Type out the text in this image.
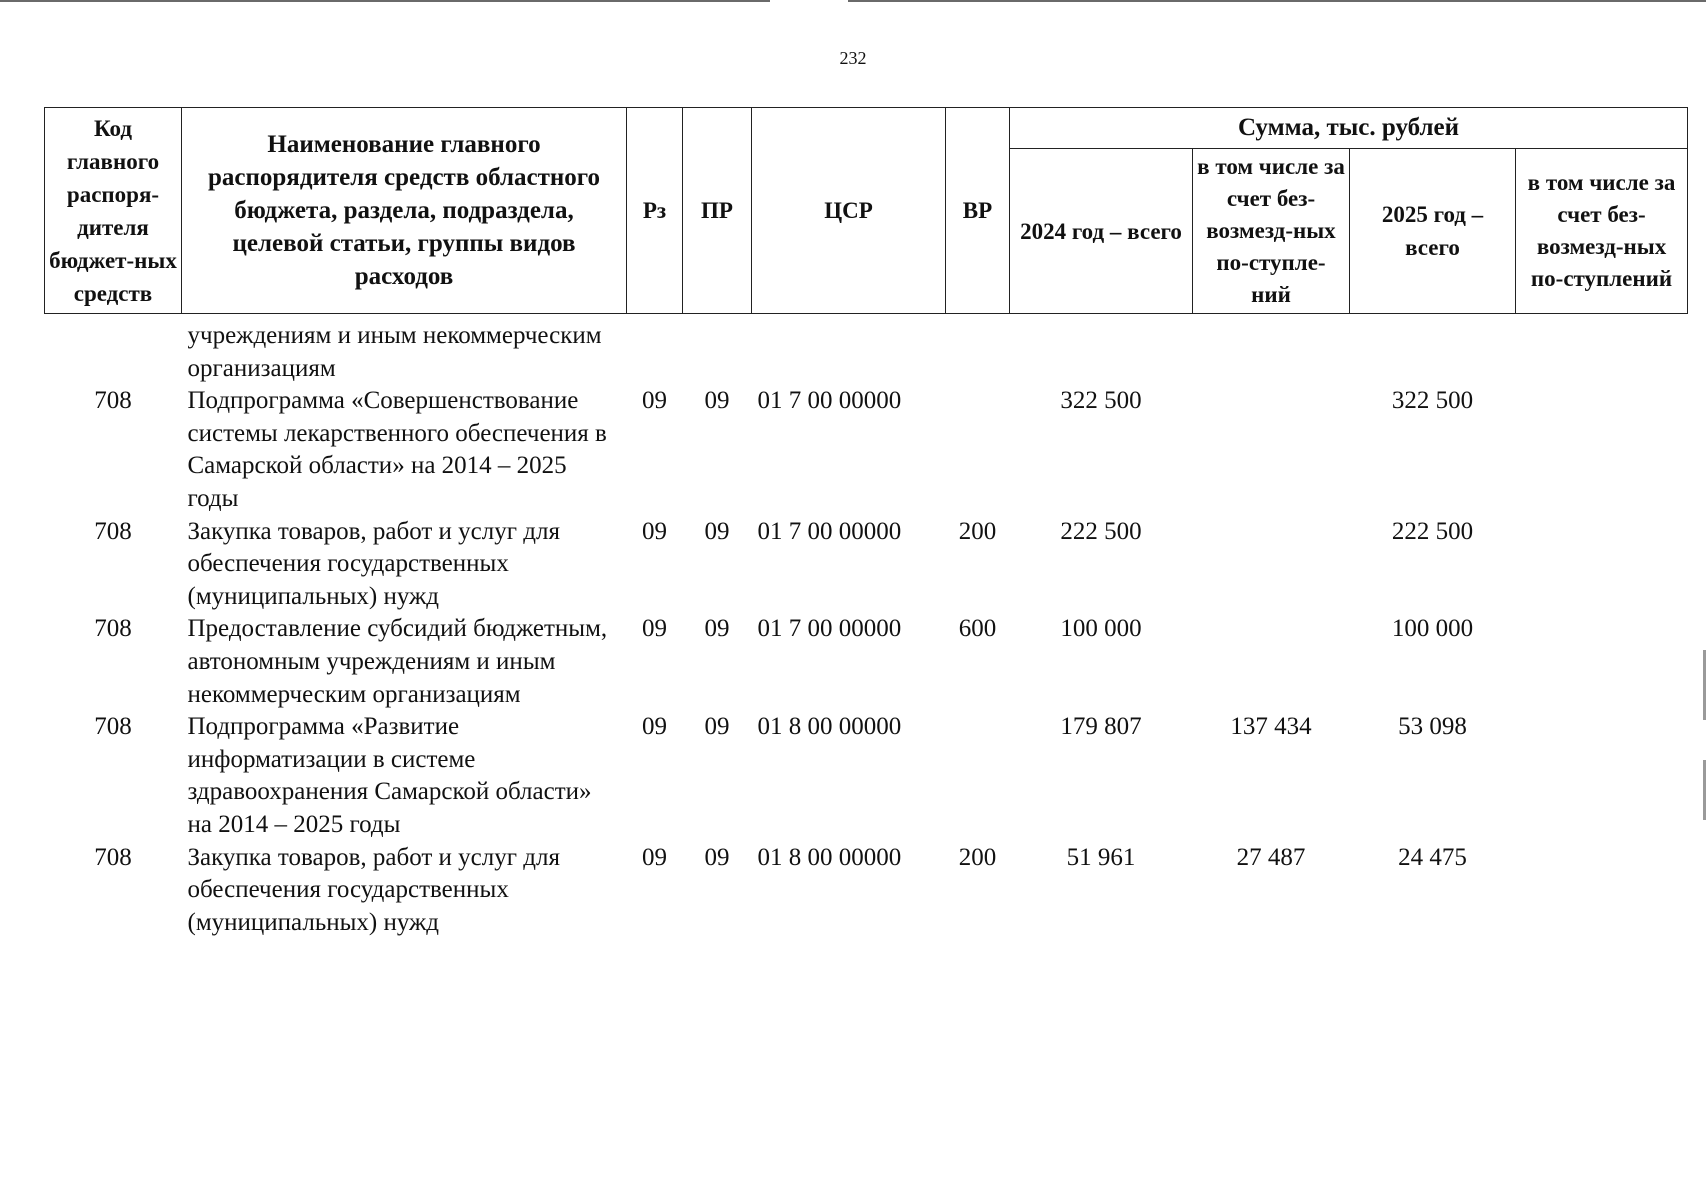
232
Код главного распоря-дителя бюджет-ных средств	Наименование главного распорядителя средств областного бюджета, раздела, подраздела, целевой статьи, группы видов расходов	Рз	ПР	ЦСР	ВР	Сумма, тыс. рублей			
						2024 год – всего	в том числе за счет без-возмезд-ных по-ступле-ний	2025 год – всего	в том числе за счет без-возмезд-ных по-ступлений
	учреждениям и иным некоммерческим организациям								
708	Подпрограмма «Совершенствование системы лекарственного обеспечения в Самарской области» на 2014 – 2025 годы	09	09	01 7 00 00000		322 500		322 500	
708	Закупка товаров, работ и услуг для обеспечения государственных (муниципальных) нужд	09	09	01 7 00 00000	200	222 500		222 500	
708	Предоставление субсидий бюджетным, автономным учреждениям и иным некоммерческим организациям	09	09	01 7 00 00000	600	100 000		100 000	
708	Подпрограмма «Развитие информатизации в системе здравоохранения Самарской области» на 2014 – 2025 годы	09	09	01 8 00 00000		179 807	137 434	53 098	
708	Закупка товаров, работ и услуг для обеспечения государственных (муниципальных) нужд	09	09	01 8 00 00000	200	51 961	27 487	24 475	
